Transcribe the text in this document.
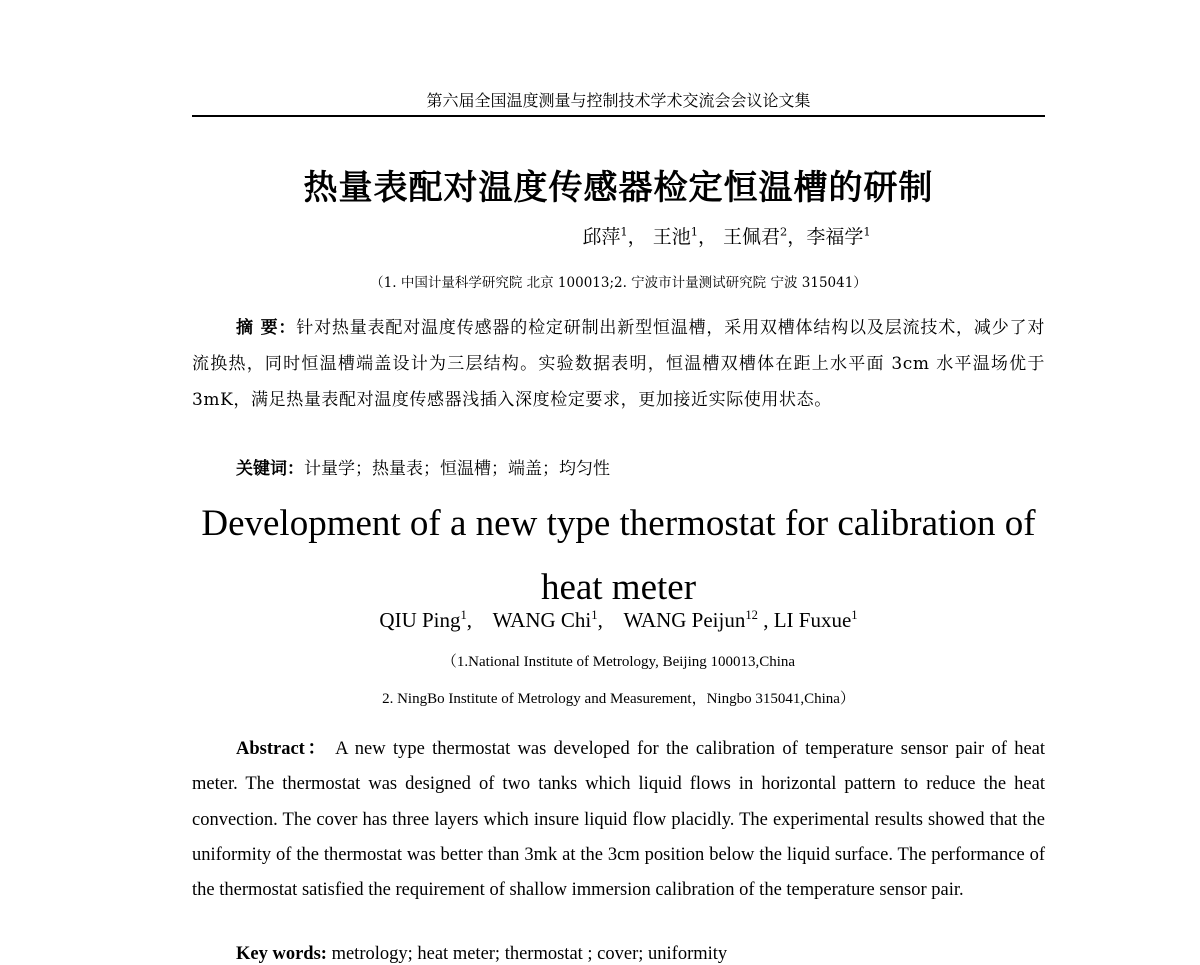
第六届全国温度测量与控制技术学术交流会会议论文集
热量表配对温度传感器检定恒温槽的研制
邱萍$^1$， 王池$^1$， 王佩君$^2$，李福学$^1$
（1. 中国计量科学研究院 北京 100013;2. 宁波市计量测试研究院 宁波 315041）
摘 要：针对热量表配对温度传感器的检定研制出新型恒温槽，采用双槽体结构以及层流技术，减少了对流换热，同时恒温槽端盖设计为三层结构。实验数据表明，恒温槽双槽体在距上水平面 3cm 水平温场优于 3mK，满足热量表配对温度传感器浅插入深度检定要求，更加接近实际使用状态。
关键词：计量学；热量表；恒温槽；端盖；均匀性
Development of a new type thermostat for calibration of heat meter
QIU Ping$^1$,    WANG Chi$^1$,    WANG Peijun$^{12}$ , LI Fuxue$^1$
（1.National Institute of Metrology, Beijing 100013,China
2. NingBo Institute of Metrology and Measurement，Ningbo 315041,China）
Abstract： A new type thermostat was developed for the calibration of temperature sensor pair of heat meter. The thermostat was designed of two tanks which liquid flows in horizontal pattern to reduce the heat convection. The cover has three layers which insure liquid flow placidly. The experimental results showed that the uniformity of the thermostat was better than 3mk at the 3cm position below the liquid surface. The performance of the thermostat satisfied the requirement of shallow immersion calibration of the temperature sensor pair.
Key words: metrology; heat meter; thermostat ; cover; uniformity
